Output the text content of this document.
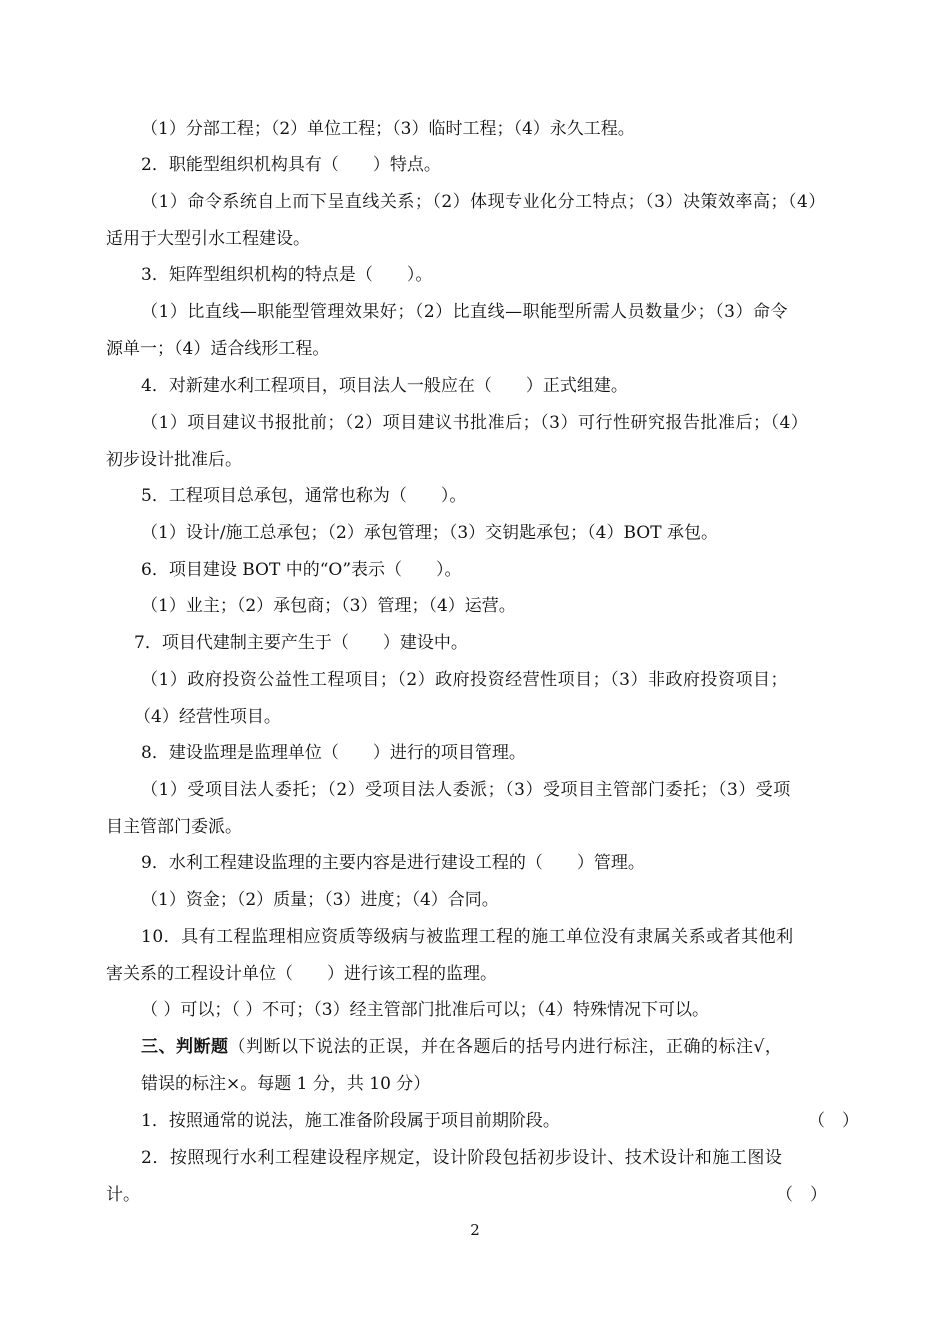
（1）分部工程；（2）单位工程；（3）临时工程；（4）永久工程。
2．职能型组织机构具有（　　）特点。
（1）命令系统自上而下呈直线关系；（2）体现专业化分工特点；（3）决策效率高；（4）
适用于大型引水工程建设。
3．矩阵型组织机构的特点是（　　）。
（1）比直线—职能型管理效果好；（2）比直线—职能型所需人员数量少；（3）命令
源单一；（4）适合线形工程。
4．对新建水利工程项目，项目法人一般应在（　　）正式组建。
（1）项目建议书报批前；（2）项目建议书批准后；（3）可行性研究报告批准后；（4）
初步设计批准后。
5．工程项目总承包，通常也称为（　　）。
（1）设计/施工总承包；（2）承包管理；（3）交钥匙承包；（4）BOT 承包。
6．项目建设 BOT 中的“O”表示（　　）。
（1）业主；（2）承包商；（3）管理；（4）运营。
7．项目代建制主要产生于（　　）建设中。
（1）政府投资公益性工程项目；（2）政府投资经营性项目；（3）非政府投资项目；
（4）经营性项目。
8．建设监理是监理单位（　　）进行的项目管理。
（1）受项目法人委托；（2）受项目法人委派；（3）受项目主管部门委托；（3）受项
目主管部门委派。
9．水利工程建设监理的主要内容是进行建设工程的（　　）管理。
（1）资金；（2）质量；（3）进度；（4）合同。
10．具有工程监理相应资质等级病与被监理工程的施工单位没有隶属关系或者其他利
害关系的工程设计单位（　　）进行该工程的监理。
（ ）可以；（ ）不可；（3）经主管部门批准后可以；（4）特殊情况下可以。
三、判断题（判断以下说法的正误，并在各题后的括号内进行标注，正确的标注√，
错误的标注×。每题 1 分，共 10 分）
1．按照通常的说法，施工准备阶段属于项目前期阶段。	（　）
2．按照现行水利工程建设程序规定，设计阶段包括初步设计、技术设计和施工图设
计。	（　）
2
